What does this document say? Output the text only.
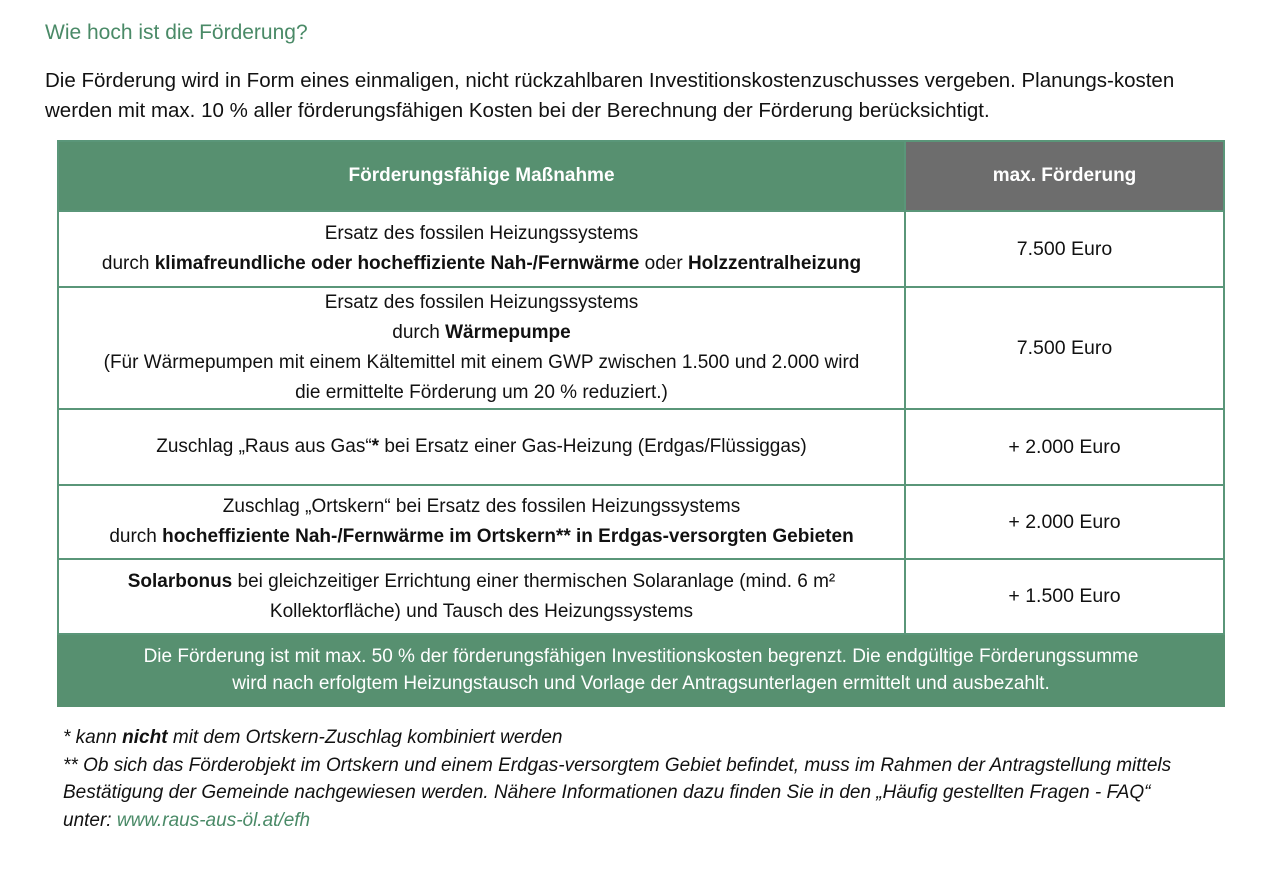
Wie hoch ist die Förderung?

Die Förderung wird in Form eines einmaligen, nicht rückzahlbaren Investitionskostenzuschusses vergeben. Planungs-kosten werden mit max. 10 % aller förderungsfähigen Kosten bei der Berechnung der Förderung berücksichtigt.

Förderungsfähige Maßnahme	max. Förderung

Ersatz des fossilen Heizungssystems
durch klimafreundliche oder hocheffiziente Nah-/Fernwärme oder Holzzentralheizung	7.500 Euro

Ersatz des fossilen Heizungssystems
durch Wärmepumpe
(Für Wärmepumpen mit einem Kältemittel mit einem GWP zwischen 1.500 und 2.000 wird
die ermittelte Förderung um 20 % reduziert.)	7.500 Euro

Zuschlag „Raus aus Gas“* bei Ersatz einer Gas-Heizung (Erdgas/Flüssiggas)	+ 2.000 Euro

Zuschlag „Ortskern“ bei Ersatz des fossilen Heizungssystems
durch hocheffiziente Nah-/Fernwärme im Ortskern** in Erdgas-versorgten Gebieten	+ 2.000 Euro

Solarbonus bei gleichzeitiger Errichtung einer thermischen Solaranlage (mind. 6 m²
Kollektorfläche) und Tausch des Heizungssystems	+ 1.500 Euro

Die Förderung ist mit max. 50 % der förderungsfähigen Investitionskosten begrenzt. Die endgültige Förderungssumme
wird nach erfolgtem Heizungstausch und Vorlage der Antragsunterlagen ermittelt und ausbezahlt.	

* kann nicht mit dem Ortskern-Zuschlag kombiniert werden

** Ob sich das Förderobjekt im Ortskern und einem Erdgas-versorgtem Gebiet befindet, muss im Rahmen der Antragstellung mittels Bestätigung der Gemeinde nachgewiesen werden. Nähere Informationen dazu finden Sie in den „Häufig gestellten Fragen - FAQ“

unter: www.raus-aus-öl.at/efh
